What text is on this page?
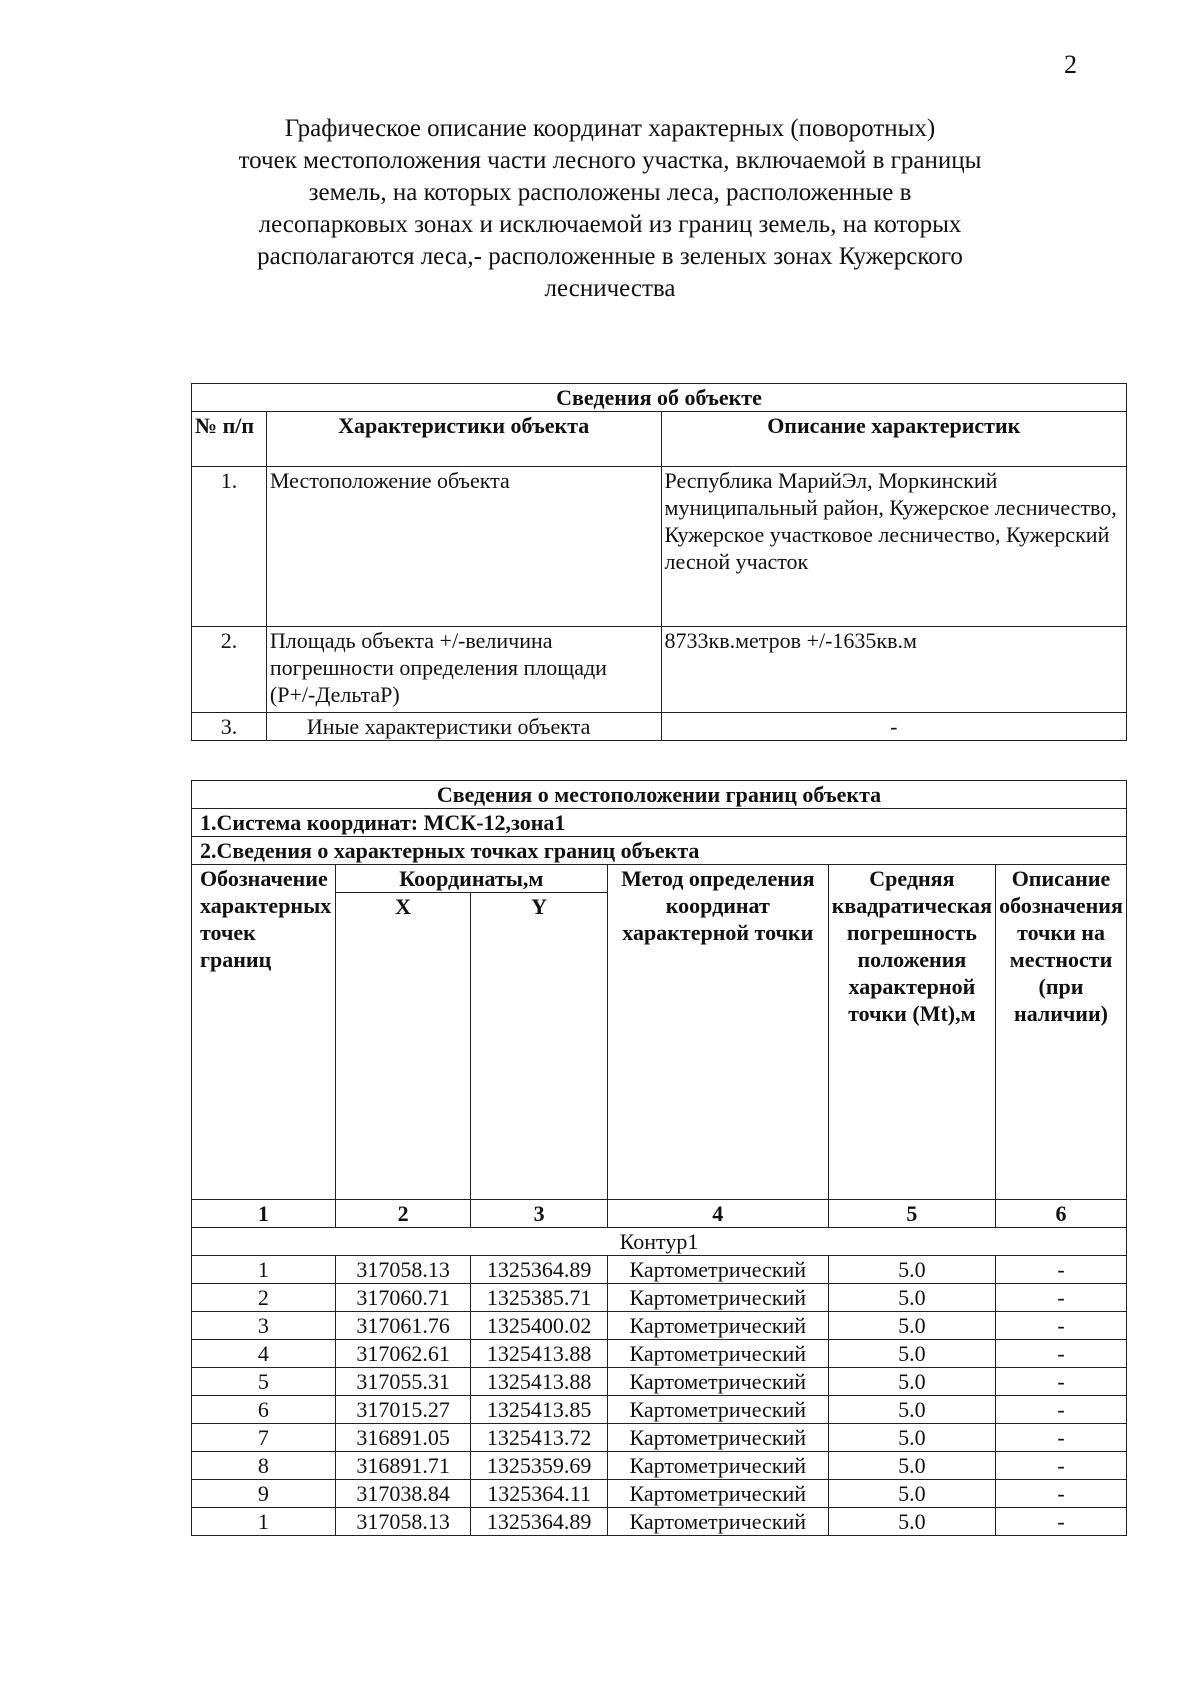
2
Графическое описание координат характерных (поворотных)
точек местоположения части лесного участка, включаемой в границы
земель, на которых расположены леса, расположенные в
лесопарковых зонах и исключаемой из границ земель, на которых
располагаются леса,- расположенные в зеленых зонах Кужерского
лесничества
Сведения об объекте		
№ п/п	Характеристики объекта	Описание характеристик
1.	Местоположение объекта	Республика МарийЭл, Моркинский муниципальный район, Кужерское лесничество, Кужерское участковое лесничество, Кужерский лесной участок
2.	Площадь объекта +/-величина погрешности определения площади (Р+/-ДельтаР)	8733кв.метров +/-1635кв.м
3.	Иные характеристики объекта	-
Сведения о местоположении границ объекта					
1.Система координат: МСК-12,зона1					
2.Сведения о характерных точках границ объекта					
Обозначение характерных точек границ	Координаты,м		Метод определения координат характерной точки	Средняя квадратическая погрешность положения характерной точки (Mt),м	Описание обозначения точки на местности (при наличии)
	X	Y			
1	2	3	4	5	6
Контур1					
1	317058.13	1325364.89	Картометрический	5.0	-
2	317060.71	1325385.71	Картометрический	5.0	-
3	317061.76	1325400.02	Картометрический	5.0	-
4	317062.61	1325413.88	Картометрический	5.0	-
5	317055.31	1325413.88	Картометрический	5.0	-
6	317015.27	1325413.85	Картометрический	5.0	-
7	316891.05	1325413.72	Картометрический	5.0	-
8	316891.71	1325359.69	Картометрический	5.0	-
9	317038.84	1325364.11	Картометрический	5.0	-
1	317058.13	1325364.89	Картометрический	5.0	-
